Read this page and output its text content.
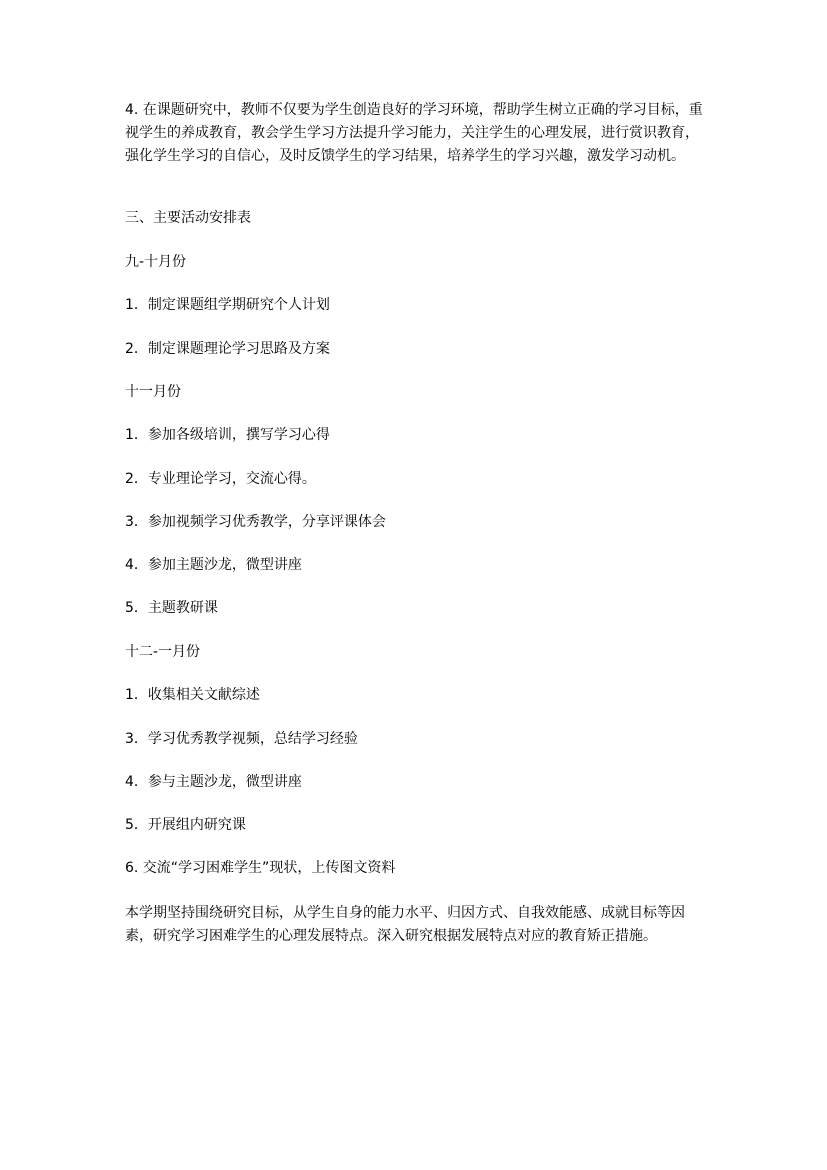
4. 在课题研究中，教师不仅要为学生创造良好的学习环境，帮助学生树立正确的学习目标，重视学生的养成教育，教会学生学习方法提升学习能力，关注学生的心理发展，进行赏识教育，强化学生学习的自信心，及时反馈学生的学习结果，培养学生的学习兴趣，激发学习动机。

三、主要活动安排表

九-十月份

1．制定课题组学期研究个人计划

2．制定课题理论学习思路及方案

十一月份

1．参加各级培训，撰写学习心得

2．专业理论学习，交流心得。

3．参加视频学习优秀教学，分享评课体会

4．参加主题沙龙，微型讲座

5．主题教研课

十二-一月份

1．收集相关文献综述

3．学习优秀教学视频，总结学习经验

4．参与主题沙龙，微型讲座

5．开展组内研究课

6. 交流“学习困难学生”现状，上传图文资料

本学期坚持围绕研究目标，从学生自身的能力水平、归因方式、自我效能感、成就目标等因素，研究学习困难学生的心理发展特点。深入研究根据发展特点对应的教育矫正措施。
